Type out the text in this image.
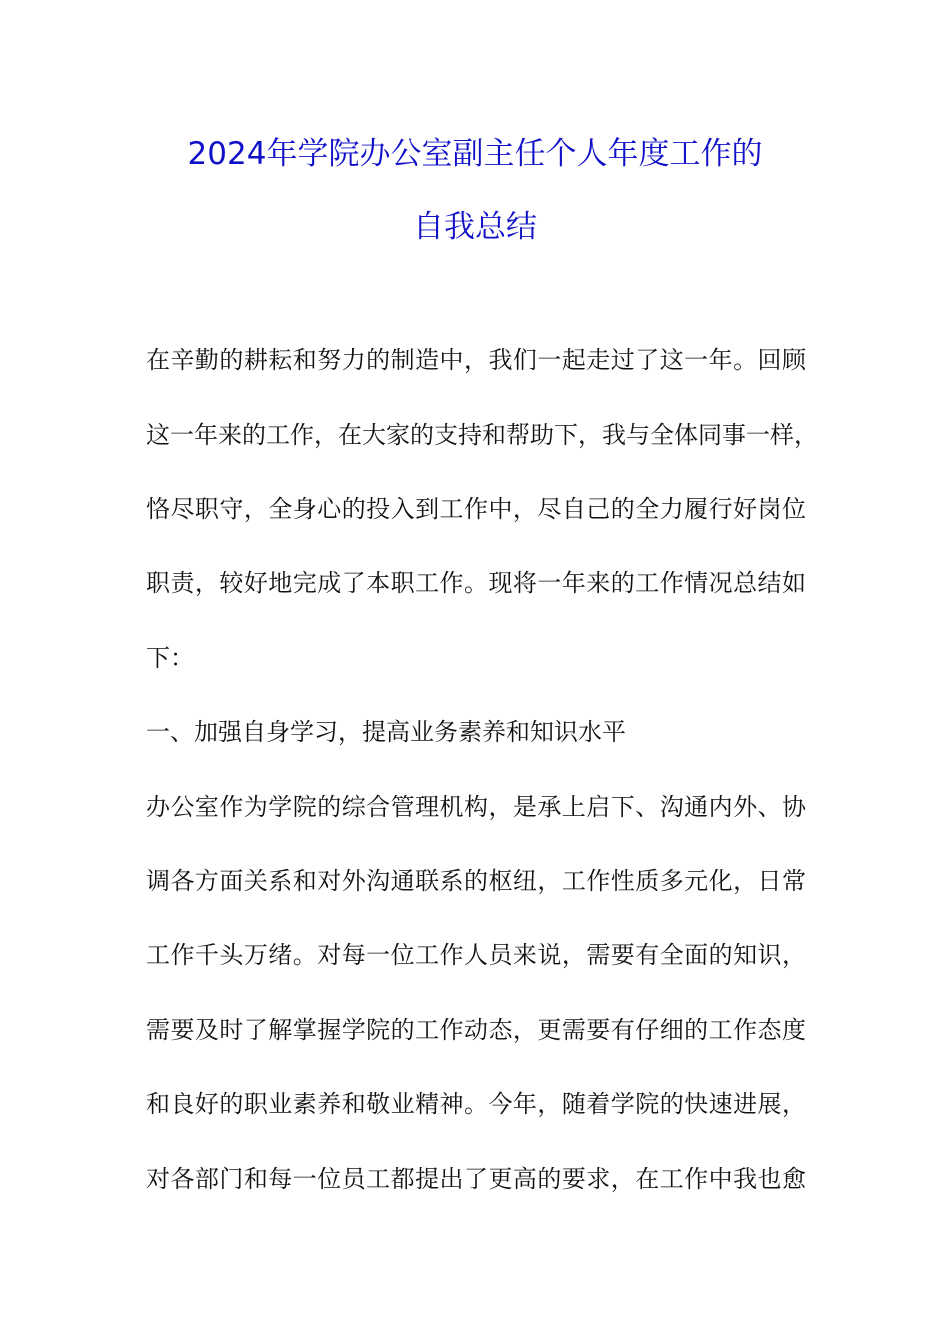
2024年学院办公室副主任个人年度工作的
自我总结
在辛勤的耕耘和努力的制造中，我们一起走过了这一年。回顾
这一年来的工作，在大家的支持和帮助下，我与全体同事一样，
恪尽职守，全身心的投入到工作中，尽自己的全力履行好岗位
职责，较好地完成了本职工作。现将一年来的工作情况总结如
下：
一、加强自身学习，提高业务素养和知识水平
办公室作为学院的综合管理机构，是承上启下、沟通内外、协
调各方面关系和对外沟通联系的枢纽，工作性质多元化，日常
工作千头万绪。对每一位工作人员来说，需要有全面的知识，
需要及时了解掌握学院的工作动态，更需要有仔细的工作态度
和良好的职业素养和敬业精神。今年，随着学院的快速进展，
对各部门和每一位员工都提出了更高的要求，在工作中我也愈
